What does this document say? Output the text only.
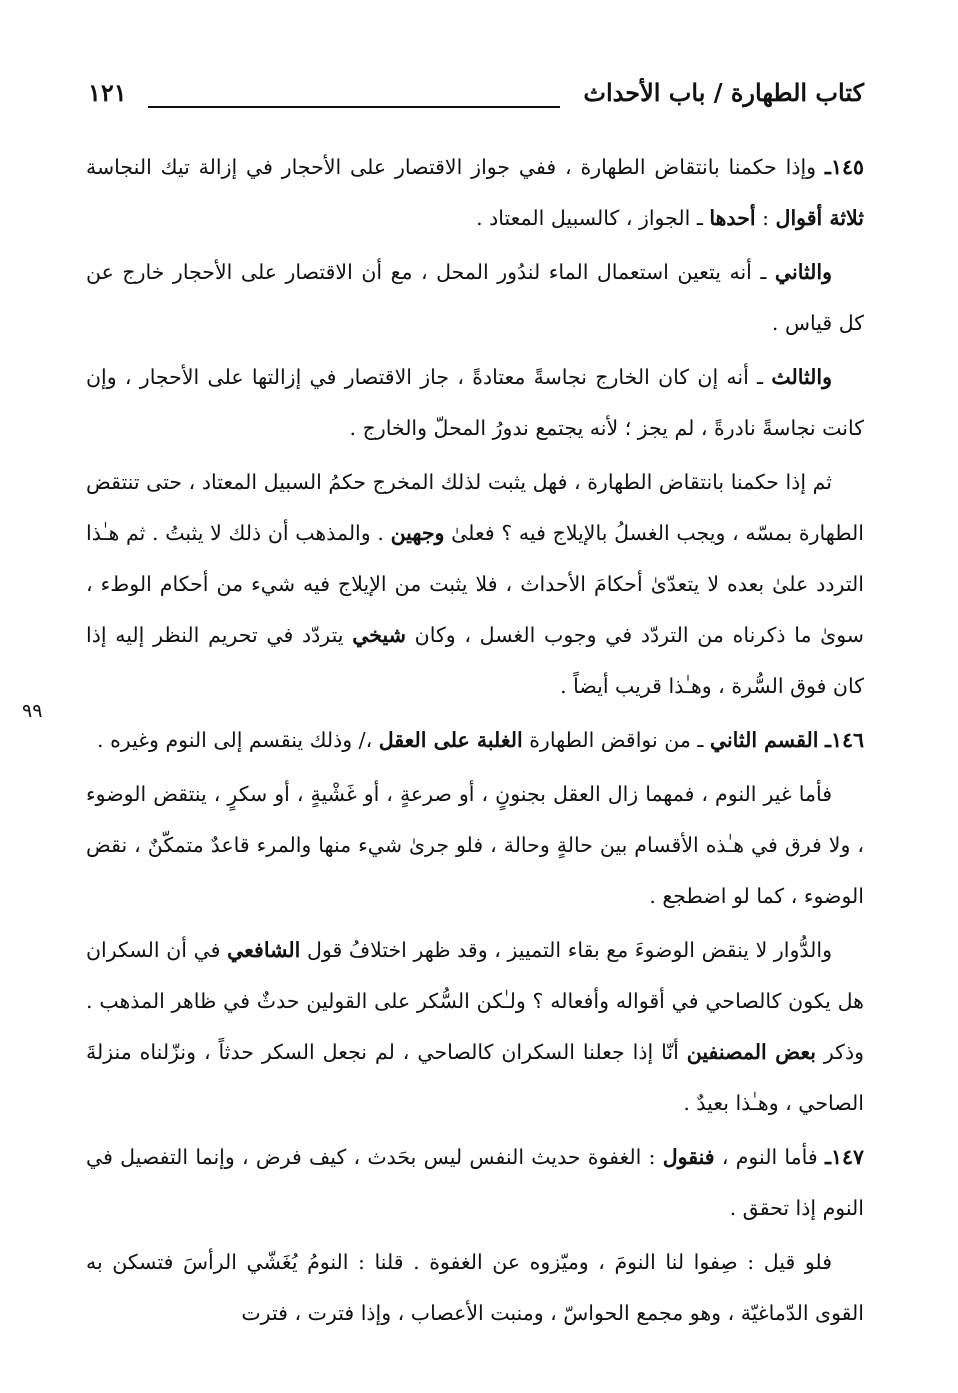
كتاب الطهارة / باب الأحداث
١٢١
٩٩

١٤٥ـ وإذا حكمنا بانتقاض الطهارة ، ففي جواز الاقتصار على الأحجار في إزالة تيك النجاسة ثلاثة أقوال : أحدها ـ الجواز ، كالسبيل المعتاد .

والثاني ـ أنه يتعين استعمال الماء لندُور المحل ، مع أن الاقتصار على الأحجار خارج عن كل قياس .

والثالث ـ أنه إن كان الخارج نجاسةً معتادةً ، جاز الاقتصار في إزالتها على الأحجار ، وإن كانت نجاسةً نادرةً ، لم يجز ؛ لأنه يجتمع ندورُ المحلّ والخارج .

ثم إذا حكمنا بانتقاض الطهارة ، فهل يثبت لذلك المخرج حكمُ السبيل المعتاد ، حتى تنتقض الطهارة بمسّه ، ويجب الغسلُ بالإيلاج فيه ؟ فعلىٰ وجهين . والمذهب أن ذلك لا يثبتُ . ثم هـٰذا التردد علىٰ بعده لا يتعدّىٰ أحكامَ الأحداث ، فلا يثبت من الإيلاج فيه شيء من أحكام الوطء ، سوىٰ ما ذكرناه من التردّد في وجوب الغسل ، وكان شيخي يتردّد في تحريم النظر إليه إذا كان فوق السُّرة ، وهـٰذا قريب أيضاً .

١٤٦ـ القسم الثاني ـ من نواقض الطهارة الغلبة على العقل ،/ وذلك ينقسم إلى النوم وغيره .

فأما غير النوم ، فمهما زال العقل بجنونٍ ، أو صرعةٍ ، أو غَشْيةٍ ، أو سكرٍ ، ينتقض الوضوء ، ولا فرق في هـٰذه الأقسام بين حالةٍ وحالة ، فلو جرىٰ شيء منها والمرء قاعدٌ متمكّنٌ ، نقض الوضوء ، كما لو اضطجع .

والدُّوار لا ينقض الوضوءَ مع بقاء التمييز ، وقد ظهر اختلافُ قول الشافعي في أن السكران هل يكون كالصاحي في أقواله وأفعاله ؟ ولـٰكن السُّكر على القولين حدثٌ في ظاهر المذهب . وذكر بعض المصنفين أنّا إذا جعلنا السكران كالصاحي ، لم نجعل السكر حدثاً ، ونزّلناه منزلةَ الصاحي ، وهـٰذا بعيدٌ .

١٤٧ـ فأما النوم ، فنقول : الغفوة حديث النفس ليس بحَدث ، كيف فرض ، وإنما التفصيل في النوم إذا تحقق .

فلو قيل : صِفوا لنا النومَ ، وميّزوه عن الغفوة . قلنا : النومُ يُغَشّي الرأسَ فتسكن به القوى الدّماغيّة ، وهو مجمع الحواسّ ، ومنبت الأعصاب ، وإذا فترت ، فترت
